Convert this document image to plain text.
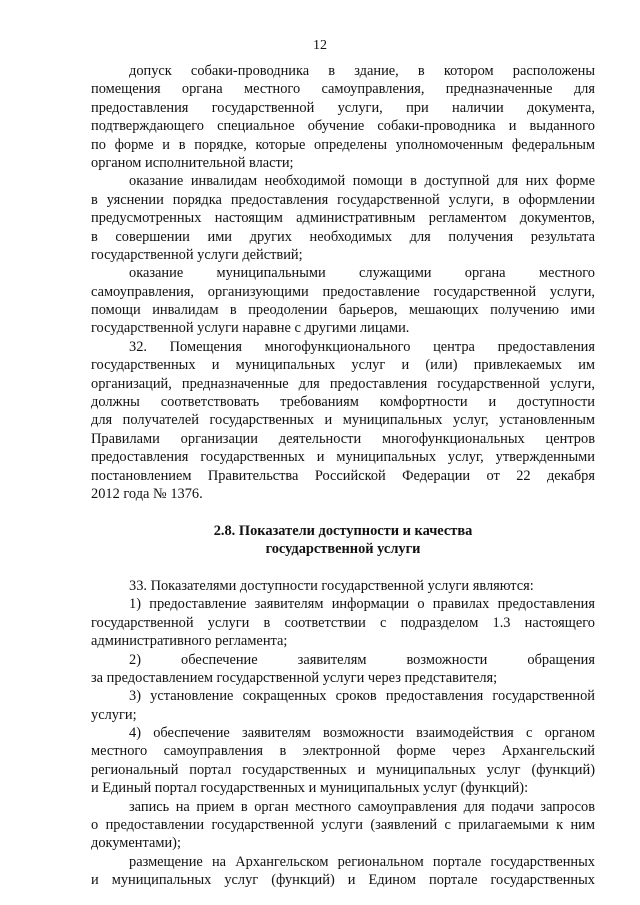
12
допуск собаки-проводника в здание, в котором расположены
помещения органа местного самоуправления, предназначенные для
предоставления государственной услуги, при наличии документа,
подтверждающего специальное обучение собаки-проводника и выданного
по форме и в порядке, которые определены уполномоченным федеральным
органом исполнительной власти;
оказание инвалидам необходимой помощи в доступной для них форме
в уяснении порядка предоставления государственной услуги, в оформлении
предусмотренных настоящим административным регламентом документов,
в совершении ими других необходимых для получения результата
государственной услуги действий;
оказание муниципальными служащими органа местного
самоуправления, организующими предоставление государственной услуги,
помощи инвалидам в преодолении барьеров, мешающих получению ими
государственной услуги наравне с другими лицами.
32. Помещения многофункционального центра предоставления
государственных и муниципальных услуг и (или) привлекаемых им
организаций, предназначенные для предоставления государственной услуги,
должны соответствовать требованиям комфортности и доступности
для получателей государственных и муниципальных услуг, установленным
Правилами организации деятельности многофункциональных центров
предоставления государственных и муниципальных услуг, утвержденными
постановлением Правительства Российской Федерации от 22 декабря
2012 года № 1376.
2.8. Показатели доступности и качества
государственной услуги
33. Показателями доступности государственной услуги являются:
1) предоставление заявителям информации о правилах предоставления
государственной услуги в соответствии с подразделом 1.3 настоящего
административного регламента;
2) обеспечение заявителям возможности обращения
за предоставлением государственной услуги через представителя;
3) установление сокращенных сроков предоставления государственной
услуги;
4) обеспечение заявителям возможности взаимодействия с органом
местного самоуправления в электронной форме через Архангельский
региональный портал государственных и муниципальных услуг (функций)
и Единый портал государственных и муниципальных услуг (функций):
запись на прием в орган местного самоуправления для подачи запросов
о предоставлении государственной услуги (заявлений с прилагаемыми к ним
документами);
размещение на Архангельском региональном портале государственных
и муниципальных услуг (функций) и Едином портале государственных
